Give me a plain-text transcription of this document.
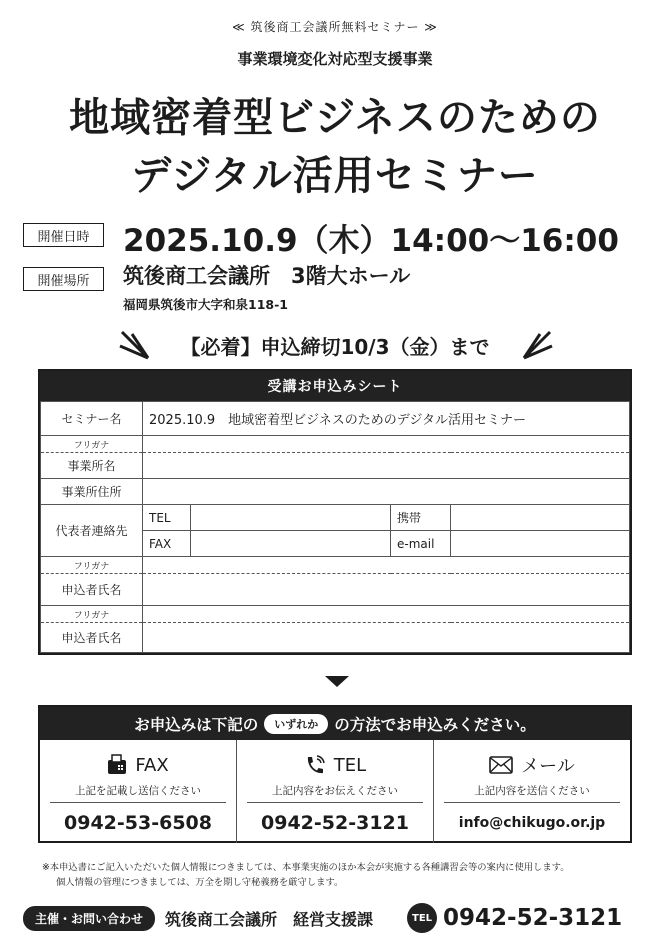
≪ 筑後商工会議所無料セミナー ≫
事業環境変化対応型支援事業
地域密着型ビジネスのための
デジタル活用セミナー
開催日時	2025.10.9（木）14:00〜16:00
開催場所	筑後商工会議所　3階大ホール
福岡県筑後市大字和泉118-1
【必着】申込締切10/3（金）まで
受講お申込みシート
セミナー名	2025.10.9　地域密着型ビジネスのためのデジタル活用セミナー			
フリガナ				
事業所名				
事業所住所				
代表者連絡先	TEL		携帯	
	FAX		e-mail	
フリガナ				
申込者氏名				
フリガナ				
申込者氏名				
お申込みは下記の	いずれか	の方法でお申込みください。
FAX
上記を記載し送信ください
0942-53-6508
TEL
上記内容をお伝えください
0942-52-3121
メール
上記内容を送信ください
info@chikugo.or.jp
※本申込書にご記入いただいた個人情報につきましては、本事業実施のほか本会が実施する各種講習会等の案内に使用します。
個人情報の管理につきましては、万全を期し守秘義務を厳守します。
主催・お問い合わせ	筑後商工会議所　経営支援課	TEL 0942-52-3121
